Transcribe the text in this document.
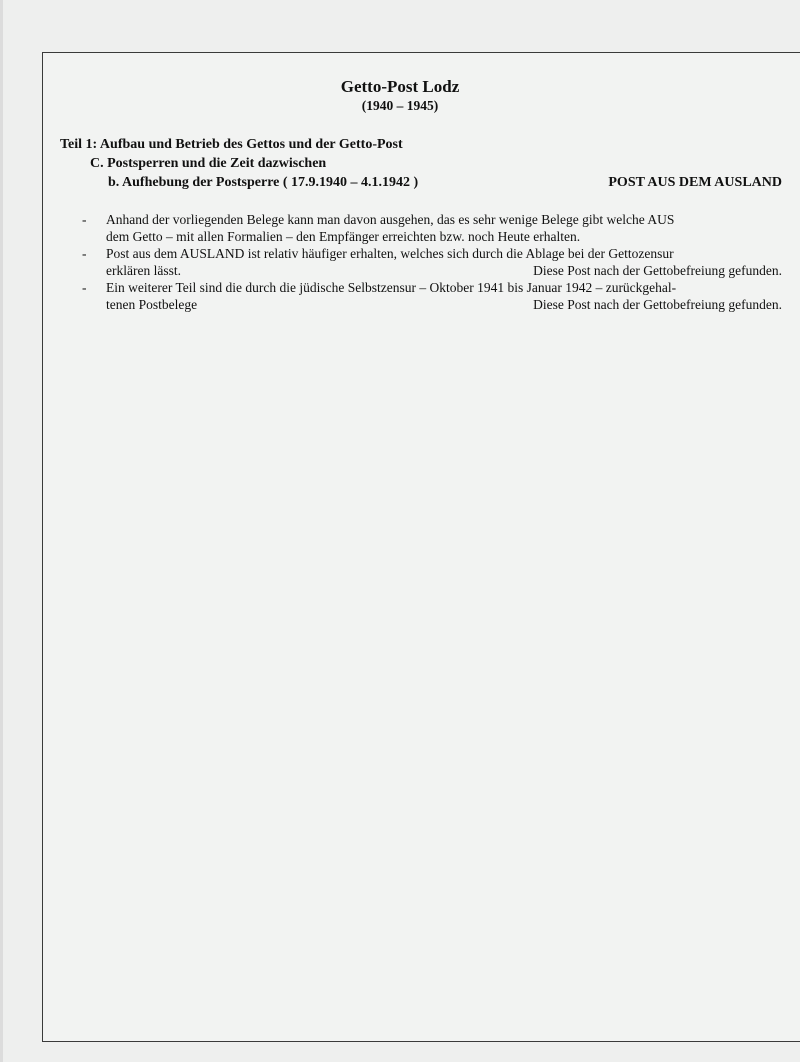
Getto-Post Lodz
(1940 – 1945)
Teil 1: Aufbau und Betrieb des Gettos und der Getto-Post
C. Postsperren und die Zeit dazwischen
b. Aufhebung der Postsperre ( 17.9.1940 – 4.1.1942 )	POST AUS DEM AUSLAND
- Anhand der vorliegenden Belege kann man davon ausgehen, das es sehr wenige Belege gibt welche AUS
dem Getto – mit allen Formalien – den Empfänger erreichten bzw. noch Heute erhalten.
- Post aus dem AUSLAND ist relativ häufiger erhalten, welches sich durch die Ablage bei der Gettozensur
erklären lässt.	Diese Post nach der Gettobefreiung gefunden.
- Ein weiterer Teil sind die durch die jüdische Selbstzensur – Oktober 1941 bis Januar 1942 – zurückgehal-
tenen Postbelege	Diese Post nach der Gettobefreiung gefunden.
